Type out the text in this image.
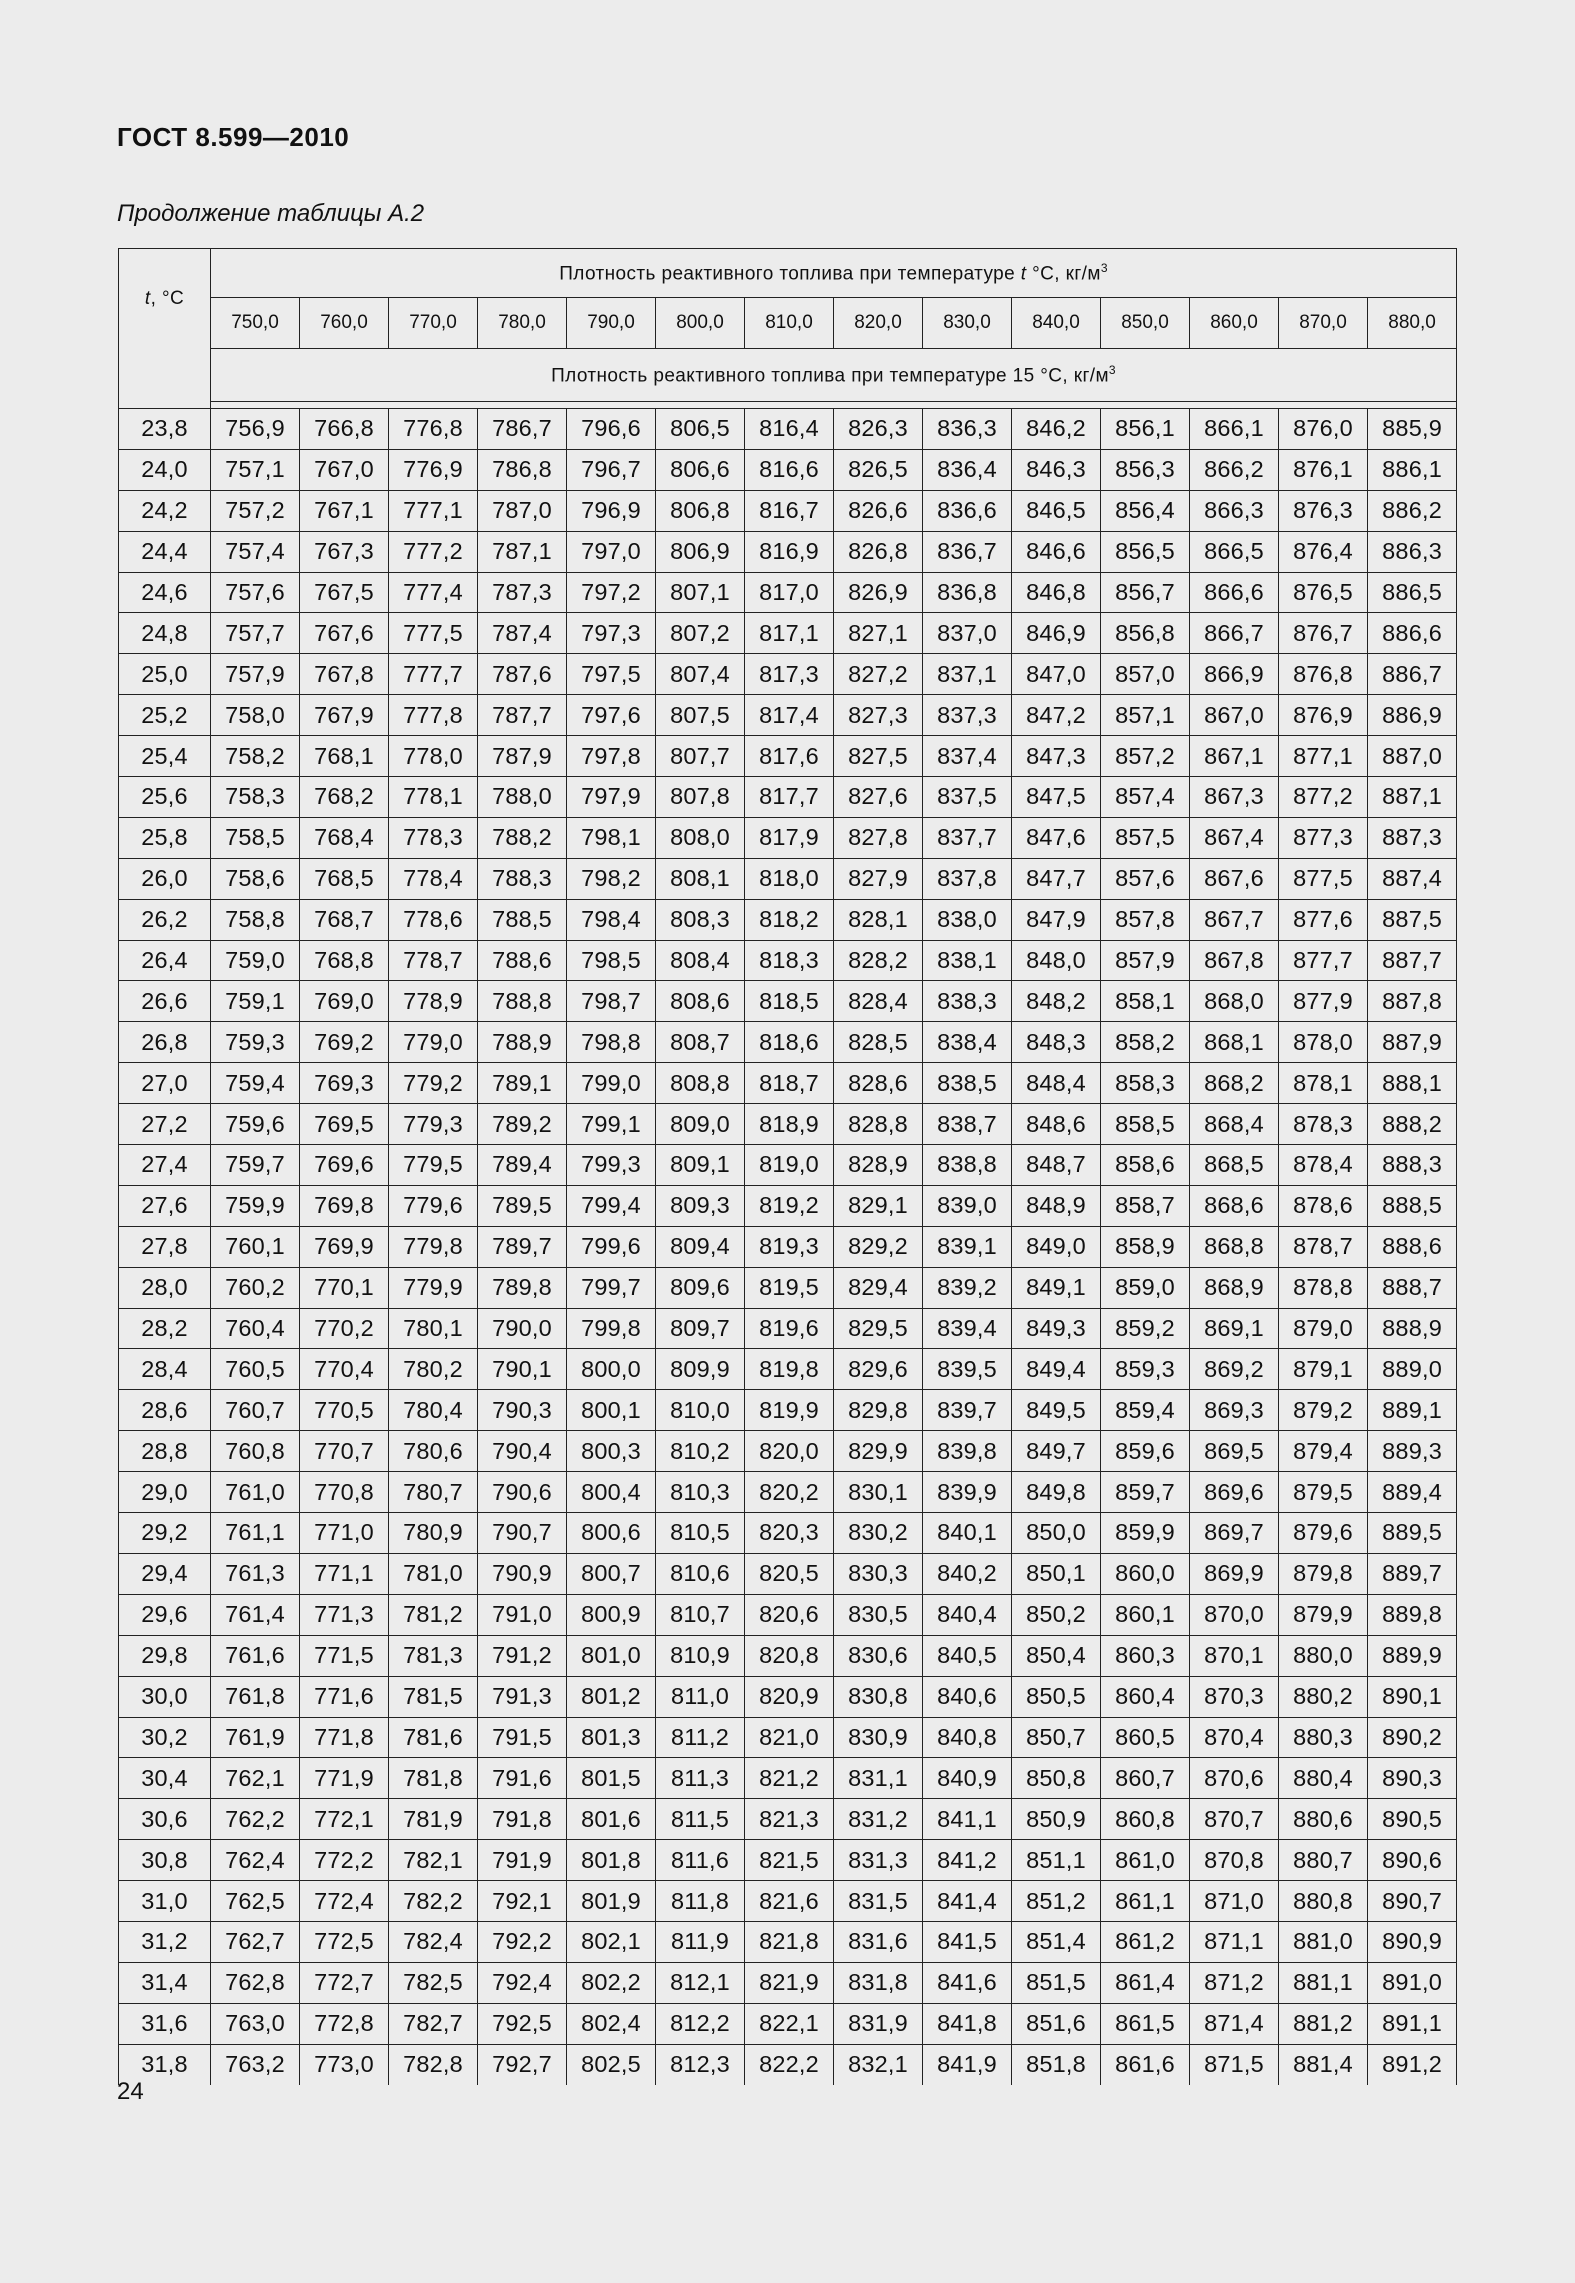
ГОСТ 8.599—2010
Продолжение таблицы А.2
t, °C	Плотность реактивного топлива при температуре t °С, $кг/м^3$
	750,0	760,0	770,0	780,0	790,0	800,0	810,0	820,0	830,0	840,0	850,0	860,0	870,0	880,0
	Плотность реактивного топлива при температуре 15 °С, $кг/м^3$

23,8	756,9	766,8	776,8	786,7	796,6	806,5	816,4	826,3	836,3	846,2	856,1	866,1	876,0	885,9
24,0	757,1	767,0	776,9	786,8	796,7	806,6	816,6	826,5	836,4	846,3	856,3	866,2	876,1	886,1
24,2	757,2	767,1	777,1	787,0	796,9	806,8	816,7	826,6	836,6	846,5	856,4	866,3	876,3	886,2
24,4	757,4	767,3	777,2	787,1	797,0	806,9	816,9	826,8	836,7	846,6	856,5	866,5	876,4	886,3
24,6	757,6	767,5	777,4	787,3	797,2	807,1	817,0	826,9	836,8	846,8	856,7	866,6	876,5	886,5
24,8	757,7	767,6	777,5	787,4	797,3	807,2	817,1	827,1	837,0	846,9	856,8	866,7	876,7	886,6
25,0	757,9	767,8	777,7	787,6	797,5	807,4	817,3	827,2	837,1	847,0	857,0	866,9	876,8	886,7
25,2	758,0	767,9	777,8	787,7	797,6	807,5	817,4	827,3	837,3	847,2	857,1	867,0	876,9	886,9
25,4	758,2	768,1	778,0	787,9	797,8	807,7	817,6	827,5	837,4	847,3	857,2	867,1	877,1	887,0
25,6	758,3	768,2	778,1	788,0	797,9	807,8	817,7	827,6	837,5	847,5	857,4	867,3	877,2	887,1
25,8	758,5	768,4	778,3	788,2	798,1	808,0	817,9	827,8	837,7	847,6	857,5	867,4	877,3	887,3
26,0	758,6	768,5	778,4	788,3	798,2	808,1	818,0	827,9	837,8	847,7	857,6	867,6	877,5	887,4
26,2	758,8	768,7	778,6	788,5	798,4	808,3	818,2	828,1	838,0	847,9	857,8	867,7	877,6	887,5
26,4	759,0	768,8	778,7	788,6	798,5	808,4	818,3	828,2	838,1	848,0	857,9	867,8	877,7	887,7
26,6	759,1	769,0	778,9	788,8	798,7	808,6	818,5	828,4	838,3	848,2	858,1	868,0	877,9	887,8
26,8	759,3	769,2	779,0	788,9	798,8	808,7	818,6	828,5	838,4	848,3	858,2	868,1	878,0	887,9
27,0	759,4	769,3	779,2	789,1	799,0	808,8	818,7	828,6	838,5	848,4	858,3	868,2	878,1	888,1
27,2	759,6	769,5	779,3	789,2	799,1	809,0	818,9	828,8	838,7	848,6	858,5	868,4	878,3	888,2
27,4	759,7	769,6	779,5	789,4	799,3	809,1	819,0	828,9	838,8	848,7	858,6	868,5	878,4	888,3
27,6	759,9	769,8	779,6	789,5	799,4	809,3	819,2	829,1	839,0	848,9	858,7	868,6	878,6	888,5
27,8	760,1	769,9	779,8	789,7	799,6	809,4	819,3	829,2	839,1	849,0	858,9	868,8	878,7	888,6
28,0	760,2	770,1	779,9	789,8	799,7	809,6	819,5	829,4	839,2	849,1	859,0	868,9	878,8	888,7
28,2	760,4	770,2	780,1	790,0	799,8	809,7	819,6	829,5	839,4	849,3	859,2	869,1	879,0	888,9
28,4	760,5	770,4	780,2	790,1	800,0	809,9	819,8	829,6	839,5	849,4	859,3	869,2	879,1	889,0
28,6	760,7	770,5	780,4	790,3	800,1	810,0	819,9	829,8	839,7	849,5	859,4	869,3	879,2	889,1
28,8	760,8	770,7	780,6	790,4	800,3	810,2	820,0	829,9	839,8	849,7	859,6	869,5	879,4	889,3
29,0	761,0	770,8	780,7	790,6	800,4	810,3	820,2	830,1	839,9	849,8	859,7	869,6	879,5	889,4
29,2	761,1	771,0	780,9	790,7	800,6	810,5	820,3	830,2	840,1	850,0	859,9	869,7	879,6	889,5
29,4	761,3	771,1	781,0	790,9	800,7	810,6	820,5	830,3	840,2	850,1	860,0	869,9	879,8	889,7
29,6	761,4	771,3	781,2	791,0	800,9	810,7	820,6	830,5	840,4	850,2	860,1	870,0	879,9	889,8
29,8	761,6	771,5	781,3	791,2	801,0	810,9	820,8	830,6	840,5	850,4	860,3	870,1	880,0	889,9
30,0	761,8	771,6	781,5	791,3	801,2	811,0	820,9	830,8	840,6	850,5	860,4	870,3	880,2	890,1
30,2	761,9	771,8	781,6	791,5	801,3	811,2	821,0	830,9	840,8	850,7	860,5	870,4	880,3	890,2
30,4	762,1	771,9	781,8	791,6	801,5	811,3	821,2	831,1	840,9	850,8	860,7	870,6	880,4	890,3
30,6	762,2	772,1	781,9	791,8	801,6	811,5	821,3	831,2	841,1	850,9	860,8	870,7	880,6	890,5
30,8	762,4	772,2	782,1	791,9	801,8	811,6	821,5	831,3	841,2	851,1	861,0	870,8	880,7	890,6
31,0	762,5	772,4	782,2	792,1	801,9	811,8	821,6	831,5	841,4	851,2	861,1	871,0	880,8	890,7
31,2	762,7	772,5	782,4	792,2	802,1	811,9	821,8	831,6	841,5	851,4	861,2	871,1	881,0	890,9
31,4	762,8	772,7	782,5	792,4	802,2	812,1	821,9	831,8	841,6	851,5	861,4	871,2	881,1	891,0
31,6	763,0	772,8	782,7	792,5	802,4	812,2	822,1	831,9	841,8	851,6	861,5	871,4	881,2	891,1
31,8	763,2	773,0	782,8	792,7	802,5	812,3	822,2	832,1	841,9	851,8	861,6	871,5	881,4	891,2
24
